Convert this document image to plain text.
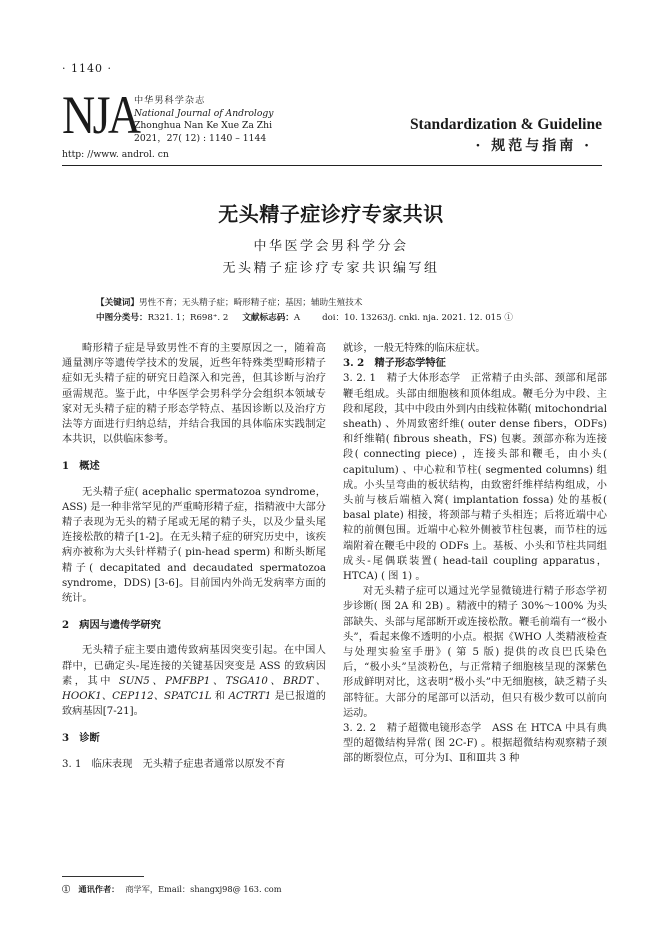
· 1140 ·
NJA
中华男科学杂志
National Journal of Andrology
Zhonghua Nan Ke Xue Za Zhi
2021，27( 12) : 1140 – 1144
http: //www. androl. cn
Standardization & Guideline
· 规范与指南 ·
无头精子症诊疗专家共识
中华医学会男科学分会
无头精子症诊疗专家共识编写组
【关键词】男性不育；无头精子症；畸形精子症；基因；辅助生殖技术
中图分类号：R321. 1；R698⁺. 2 文献标志码：A	doi：10. 13263/j. cnki. nja. 2021. 12. 015 ①

畸形精子症是导致男性不育的主要原因之一，随着高通量测序等遗传学技术的发展，近些年特殊类型畸形精子症如无头精子症的研究日趋深入和完善，但其诊断与治疗亟需规范。鉴于此，中华医学会男科学分会组织本领域专家对无头精子症的精子形态学特点、基因诊断以及治疗方法等方面进行归纳总结，并结合我国的具体临床实践制定本共识，以供临床参考。

1　概述

无头精子症( acephalic spermatozoa syndrome，ASS) 是一种非常罕见的严重畸形精子症，指精液中大部分精子表现为无头的精子尾或无尾的精子头，以及少量头尾连接松散的精子[1-2]。在无头精子症的研究历史中，该疾病亦被称为大头针样精子( pin-head sperm) 和断头断尾精子( decapitated and decaudated spermatozoa syndrome，DDS) [3-6]。目前国内外尚无发病率方面的统计。

2　病因与遗传学研究

无头精子症主要由遗传致病基因突变引起。在中国人群中，已确定头-尾连接的关键基因突变是 ASS 的致病因素，其中 SUN5、PMFBP1、TSGA10、BRDT、HOOK1、CEP112、SPATC1L 和 ACTRT1 是已报道的致病基因[7-21]。

3　诊断

3. 1　临床表现　无头精子症患者通常以原发不育

就诊，一般无特殊的临床症状。

3. 2　精子形态学特征

3. 2. 1　精子大体形态学　正常精子由头部、颈部和尾部鞭毛组成。头部由细胞核和顶体组成。鞭毛分为中段、主段和尾段，其中中段由外到内由线粒体鞘( mitochondrial sheath) 、外周致密纤维( outer dense fibers，ODFs) 和纤维鞘( fibrous sheath，FS) 包裹。颈部亦称为连接段( connecting piece) ，连接头部和鞭毛，由小头( capitulum) 、中心粒和节柱( segmented columns) 组成。小头呈弯曲的板状结构，由致密纤维样结构组成，小头前与核后端植入窝( implantation fossa) 处的基板( basal plate) 相接，将颈部与精子头相连；后将近端中心粒的前侧包围。近端中心粒外侧被节柱包裹，而节柱的远端附着在鞭毛中段的 ODFs 上。基板、小头和节柱共同组成头-尾偶联装置( head-tail coupling apparatus，HTCA) ( 图 1) 。

对无头精子症可以通过光学显微镜进行精子形态学初步诊断( 图 2A 和 2B) 。精液中的精子 30%～100% 为头部缺失、头部与尾部断开或连接松散。鞭毛前端有一“极小头”，看起来像不透明的小点。根据《WHO 人类精液检查与处理实验室手册》( 第 5 版) 提供的改良巴氏染色后，“极小头”呈淡粉色，与正常精子细胞核呈现的深紫色形成鲜明对比，这表明“极小头”中无细胞核，缺乏精子头部特征。大部分的尾部可以活动，但只有极少数可以前向运动。

3. 2. 2　精子超微电镜形态学　ASS 在 HTCA 中具有典型的超微结构异常( 图 2C-F) 。根据超微结构观察精子颈部的断裂位点，可分为Ⅰ、Ⅱ和Ⅲ共 3 种

①　通讯作者： 商学军，Email：shangxj98@ 163. com
